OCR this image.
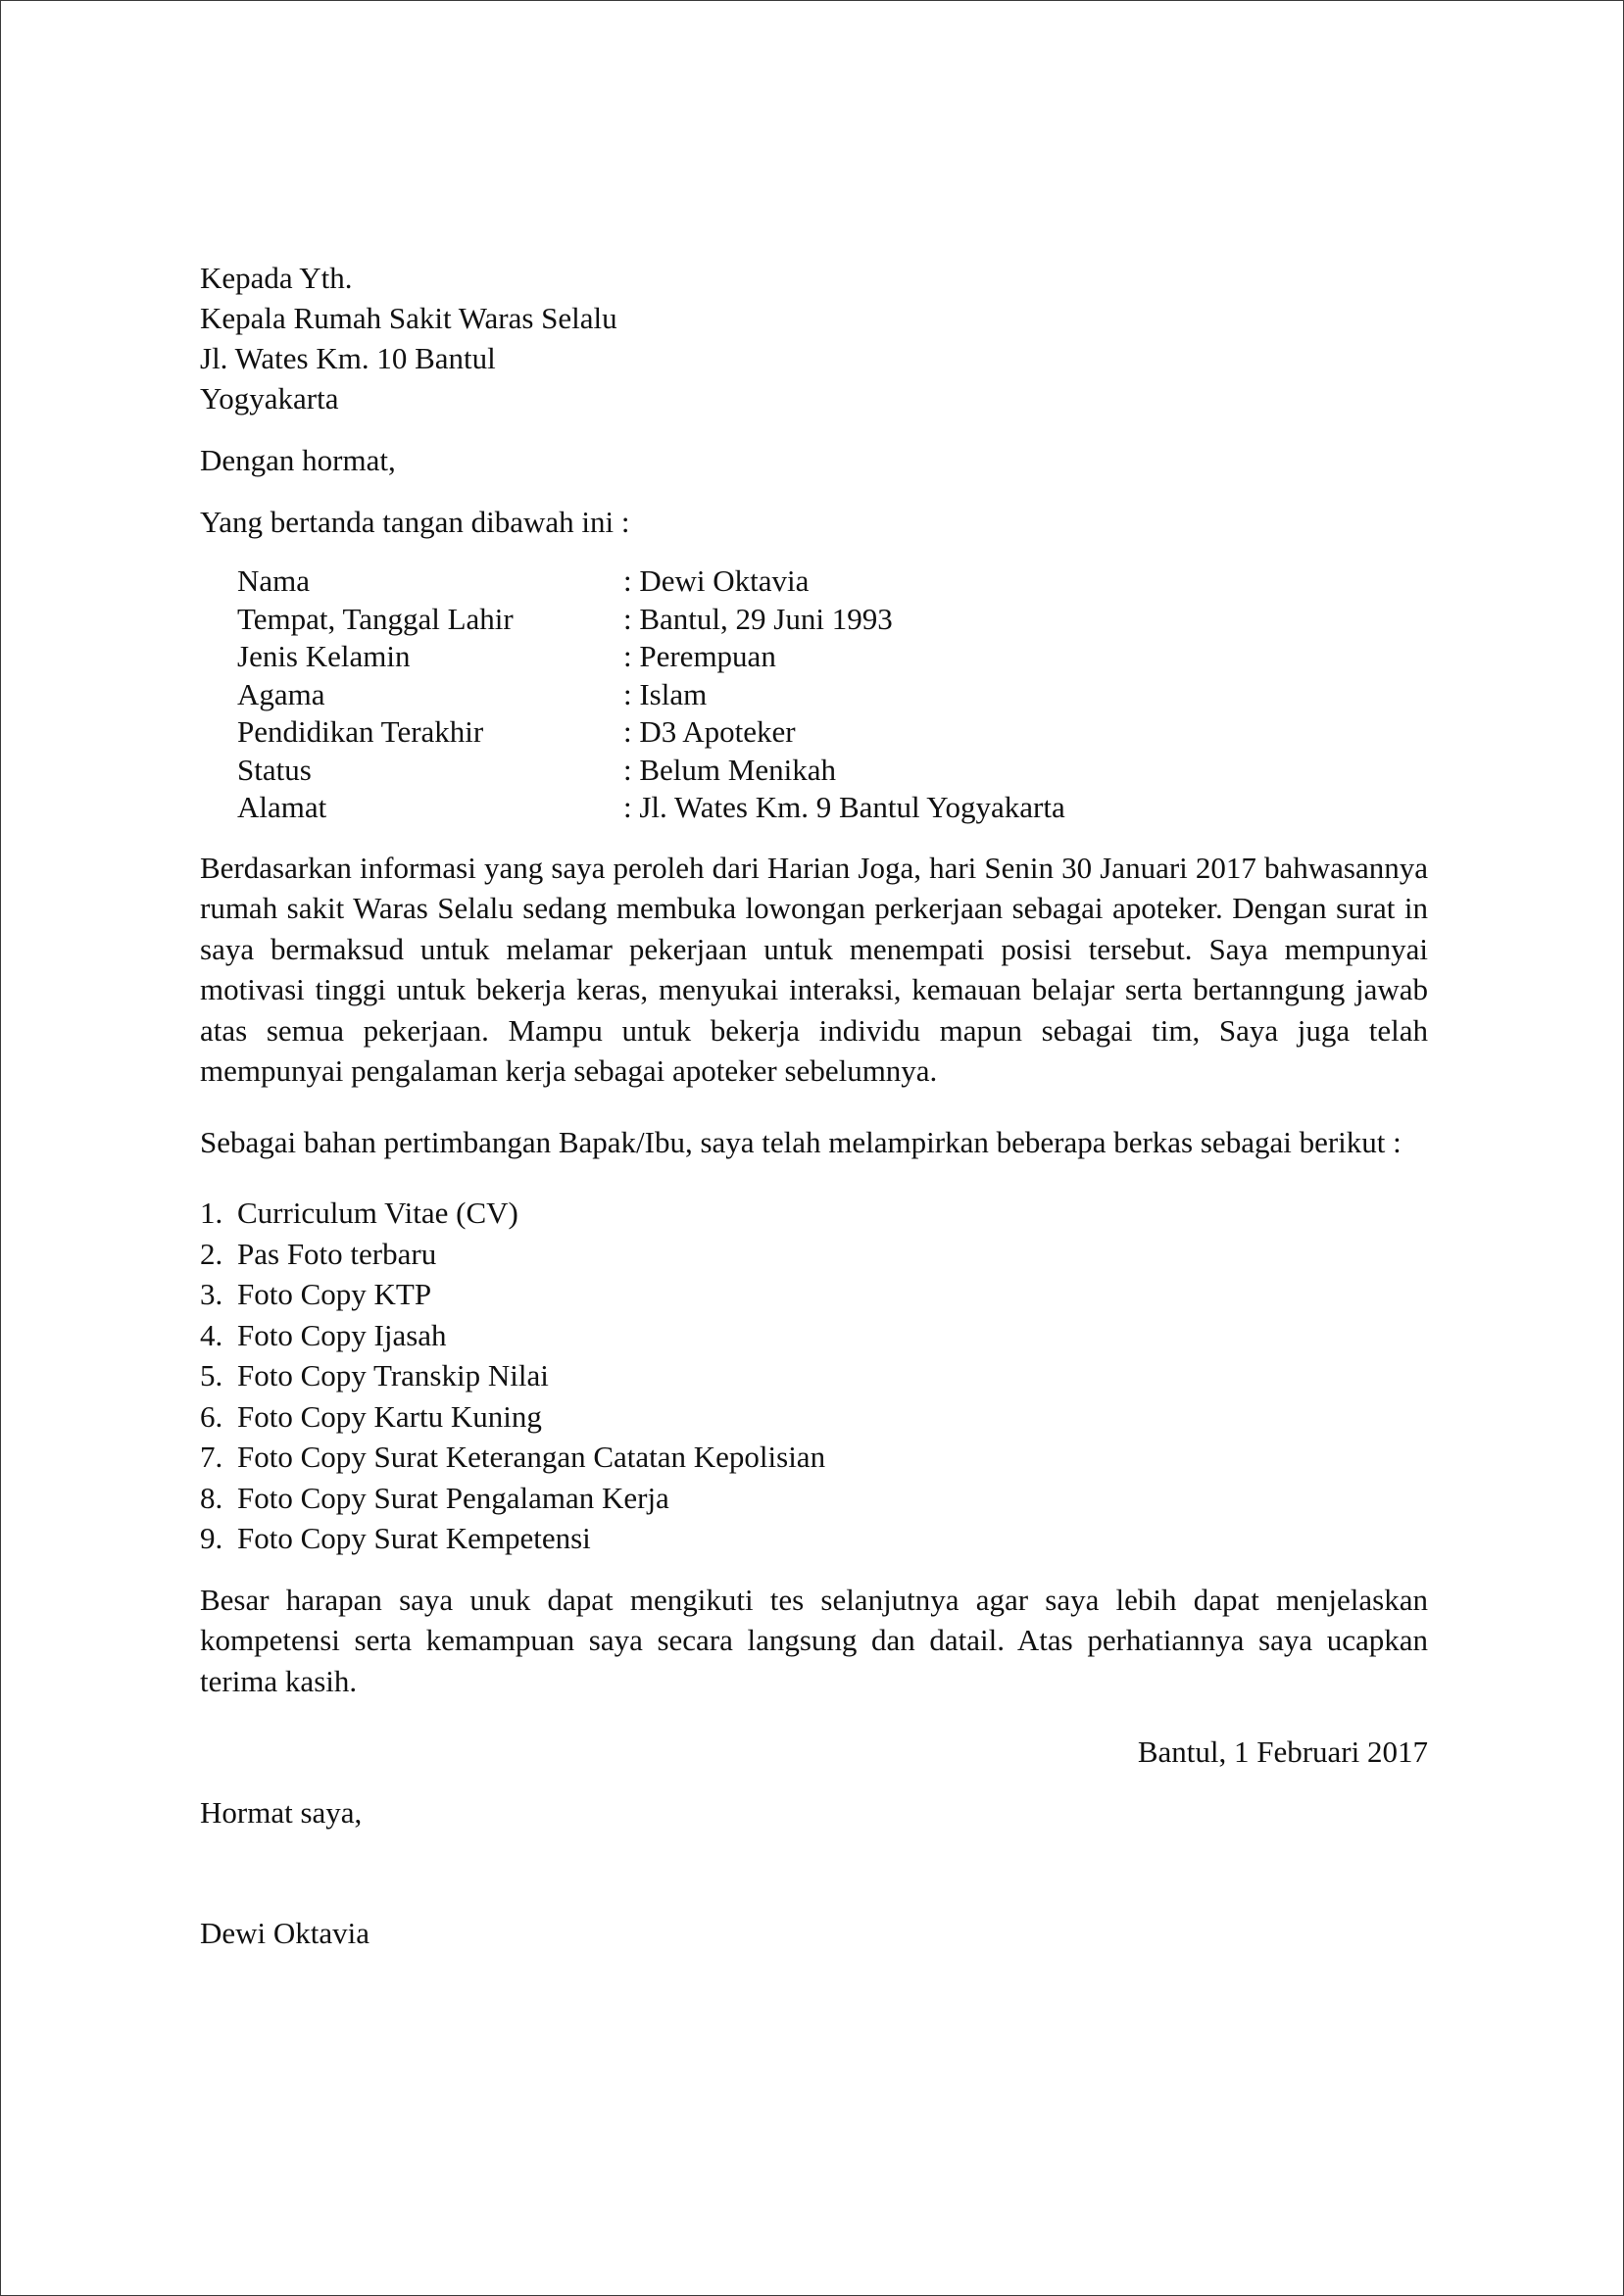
Kepada Yth.
Kepala Rumah Sakit Waras Selalu
Jl. Wates Km. 10 Bantul
Yogyakarta
Dengan hormat,
Yang bertanda tangan dibawah ini :
Nama	: Dewi Oktavia
Tempat, Tanggal Lahir	: Bantul, 29 Juni 1993
Jenis Kelamin	: Perempuan
Agama	: Islam
Pendidikan Terakhir	: D3 Apoteker
Status	: Belum Menikah
Alamat	: Jl. Wates Km. 9 Bantul Yogyakarta

Berdasarkan informasi yang saya peroleh dari Harian Joga, hari Senin 30 Januari 2017 bahwasannya rumah sakit Waras Selalu sedang membuka lowongan perkerjaan sebagai apoteker. Dengan surat in saya bermaksud untuk melamar pekerjaan untuk menempati posisi tersebut. Saya mempunyai motivasi tinggi untuk bekerja keras, menyukai interaksi, kemauan belajar serta bertanngung jawab atas semua pekerjaan. Mampu untuk bekerja individu mapun sebagai tim, Saya juga telah mempunyai pengalaman kerja sebagai apoteker sebelumnya.

Sebagai bahan pertimbangan Bapak/Ibu, saya telah melampirkan beberapa berkas sebagai berikut :

1. Curriculum Vitae (CV)
2. Pas Foto terbaru
3. Foto Copy KTP
4. Foto Copy Ijasah
5. Foto Copy Transkip Nilai
6. Foto Copy Kartu Kuning
7. Foto Copy Surat Keterangan Catatan Kepolisian
8. Foto Copy Surat Pengalaman Kerja
9. Foto Copy Surat Kempetensi

Besar harapan saya unuk dapat mengikuti tes selanjutnya agar saya lebih dapat menjelaskan kompetensi serta kemampuan saya secara langsung dan datail. Atas perhatiannya saya ucapkan terima kasih.

Bantul, 1 Februari 2017
Hormat saya,
Dewi Oktavia
